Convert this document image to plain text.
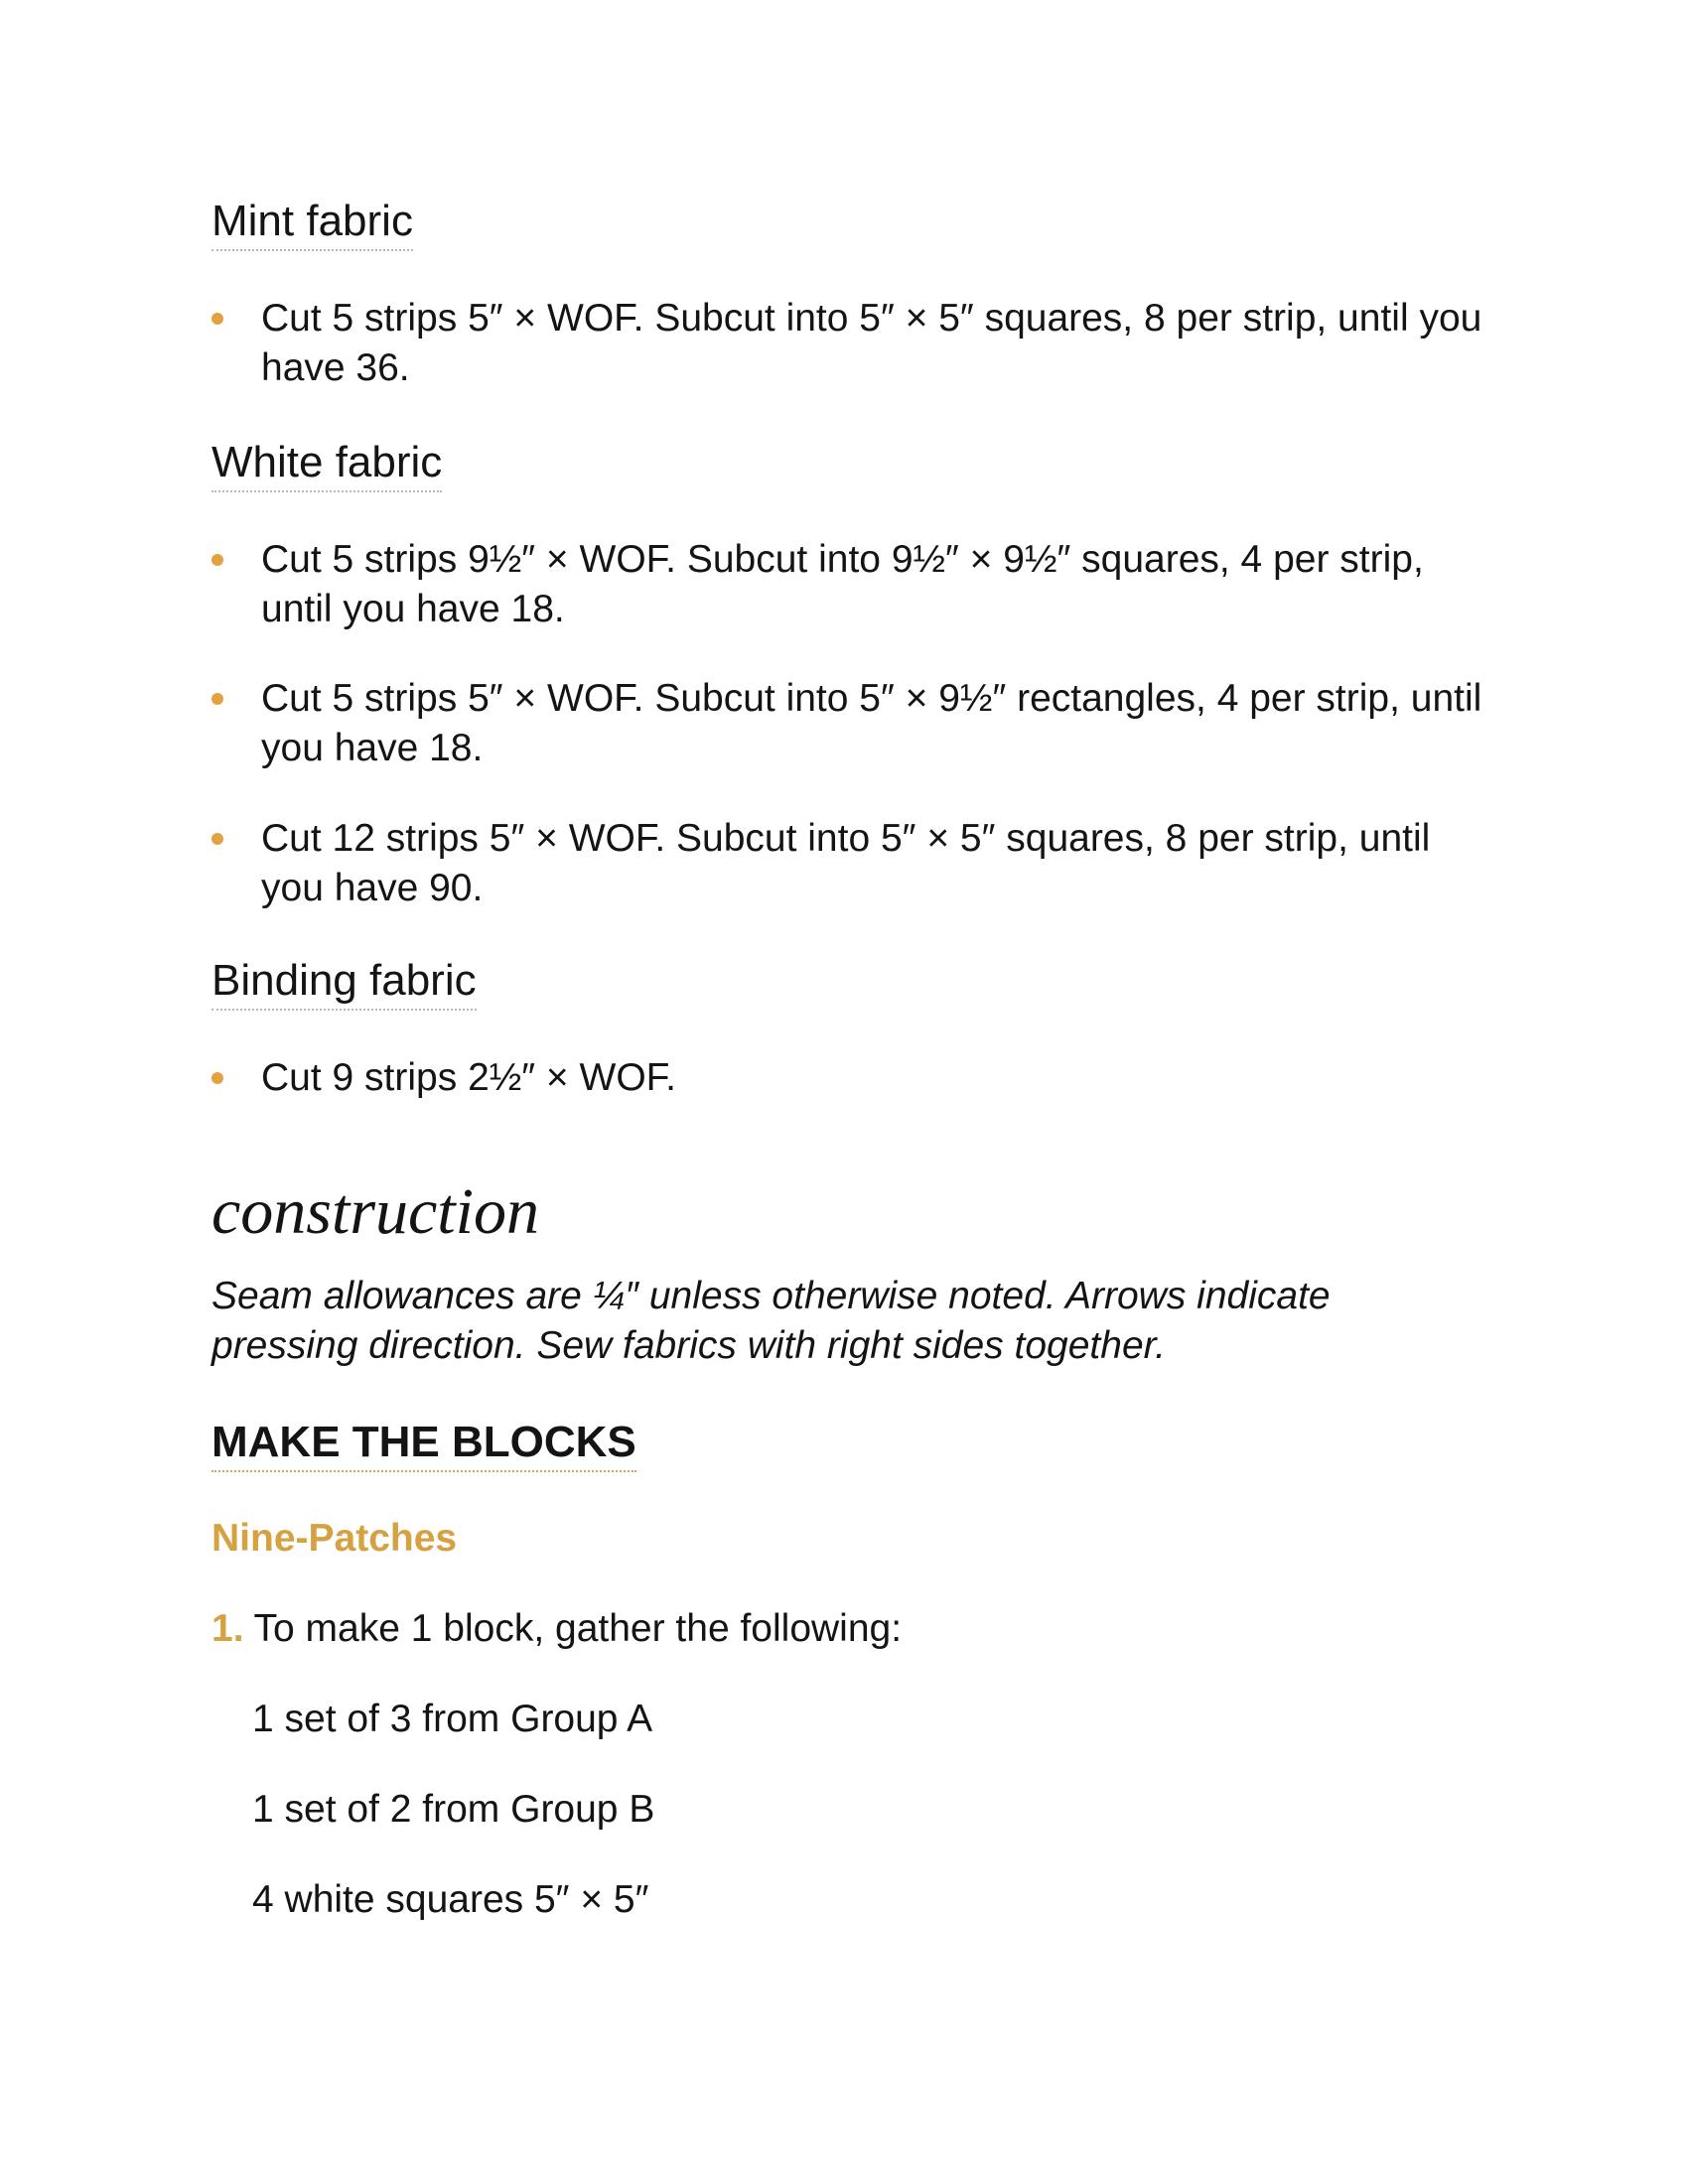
Mint fabric
Cut 5 strips 5″ × WOF. Subcut into 5″ × 5″ squares, 8 per strip, until you have 36.
White fabric
Cut 5 strips 9½″ × WOF. Subcut into 9½″ × 9½″ squares, 4 per strip, until you have 18.
Cut 5 strips 5″ × WOF. Subcut into 5″ × 9½″ rectangles, 4 per strip, until you have 18.
Cut 12 strips 5″ × WOF. Subcut into 5″ × 5″ squares, 8 per strip, until you have 90.
Binding fabric
Cut 9 strips 2½″ × WOF.
construction
Seam allowances are ¼″ unless otherwise noted. Arrows indicate pressing direction. Sew fabrics with right sides together.
MAKE THE BLOCKS
Nine-Patches
1. To make 1 block, gather the following:
1 set of 3 from Group A
1 set of 2 from Group B
4 white squares 5″ × 5″
